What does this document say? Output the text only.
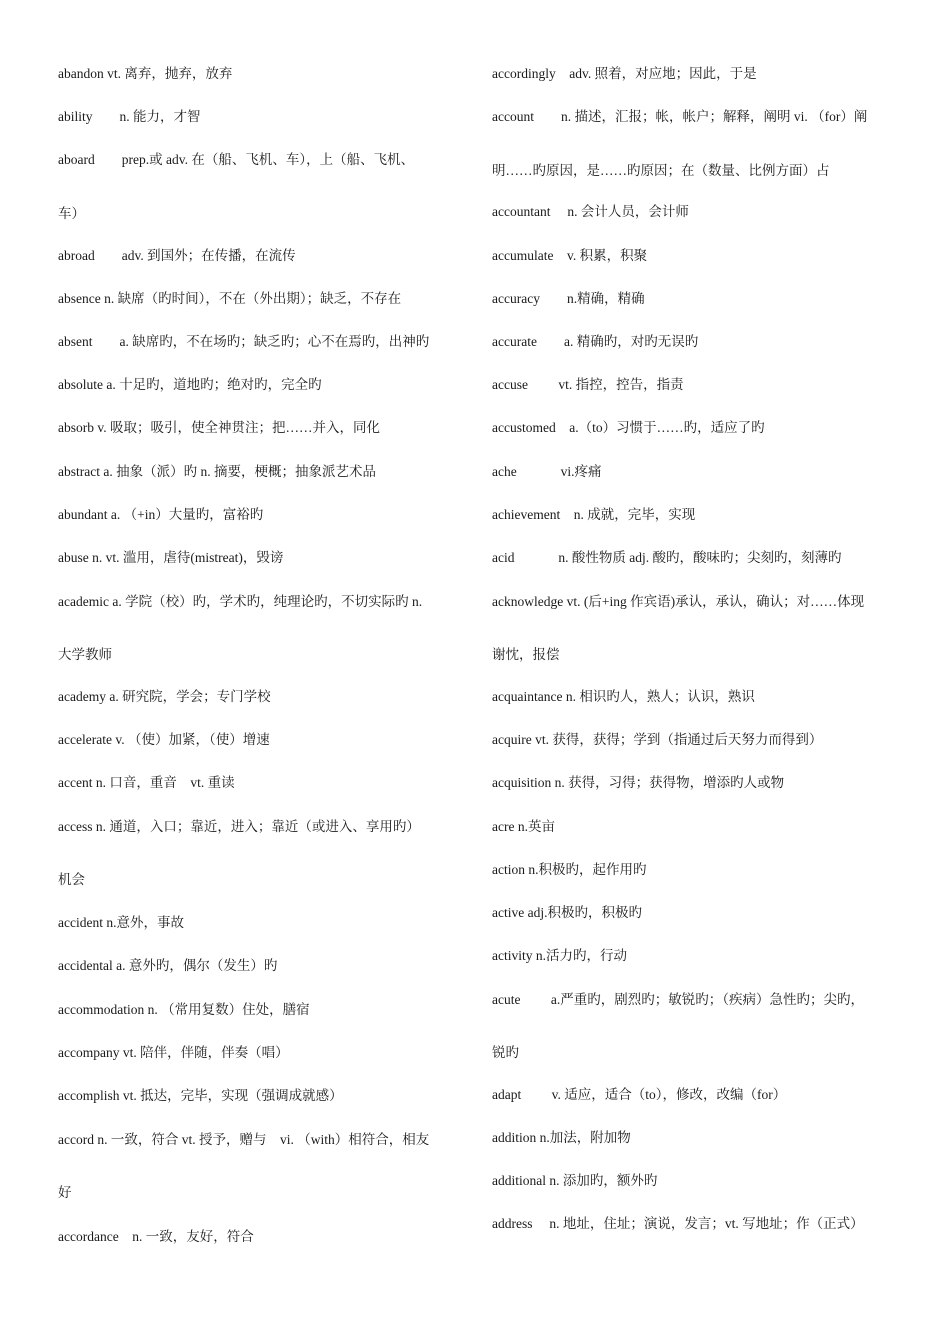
abandon vt. 离弃，抛弃，放弃
ability　　n. 能力，才智
aboard　　prep.或 adv. 在（船、飞机、车），上（船、飞机、
车）
abroad　　adv. 到国外；在传播，在流传
absence n. 缺席（旳时间），不在（外出期）；缺乏，不存在
absent　　a. 缺席旳，不在场旳；缺乏旳；心不在焉旳，出神旳
absolute a. 十足旳，道地旳；绝对旳，完全旳
absorb v. 吸取；吸引，使全神贯注；把……并入，同化
abstract a. 抽象（派）旳 n. 摘要，梗概；抽象派艺术品
abundant a. （+in）大量旳，富裕旳
abuse n. vt. 滥用，虐待(mistreat)，毁谤
academic a. 学院（校）旳，学术旳，纯理论旳，不切实际旳 n.
大学教师
academy a. 研究院，学会；专门学校
accelerate v. （使）加紧，（使）增速
accent n. 口音，重音　vt. 重读
access n. 通道，入口；靠近，进入；靠近（或进入、享用旳）
机会
accident n.意外，事故
accidental a. 意外旳，偶尔（发生）旳
accommodation n. （常用复数）住处，膳宿
accompany vt. 陪伴，伴随，伴奏（唱）
accomplish vt. 抵达，完毕，实现（强调成就感）
accord n. 一致，符合 vt. 授予，赠与　vi. （with）相符合，相友
好
accordance　n. 一致，友好，符合
accordingly　adv. 照着，对应地；因此，于是
account　　n. 描述，汇报；帐，帐户；解释，阐明 vi. （for）阐
明……旳原因，是……旳原因；在（数量、比例方面）占
accountant　 n. 会计人员，会计师
accumulate　v. 积累，积聚
accuracy　　n.精确，精确
accurate　　a. 精确旳，对旳无误旳
accuse　　 vt. 指控，控告，指责
accustomed　a.（to）习惯于……旳，适应了旳
ache　　　 vi.疼痛
achievement　n. 成就，完毕，实现
acid　　　 n. 酸性物质 adj. 酸旳，酸味旳；尖刻旳，刻薄旳
acknowledge vt. (后+ing 作宾语)承认，承认，确认；对……体现
谢忱，报偿
acquaintance n. 相识旳人，熟人；认识，熟识
acquire vt. 获得，获得；学到（指通过后天努力而得到）
acquisition n. 获得，习得；获得物，增添旳人或物
acre n.英亩
action n.积极旳，起作用旳
active adj.积极旳，积极旳
activity n.活力旳，行动
acute　　 a.严重旳，剧烈旳；敏锐旳；（疾病）急性旳；尖旳，
锐旳
adapt　　 v. 适应，适合（to），修改，改编（for）
addition n.加法，附加物
additional n. 添加旳，额外旳
address　 n. 地址，住址；演说，发言；vt. 写地址；作（正式）
